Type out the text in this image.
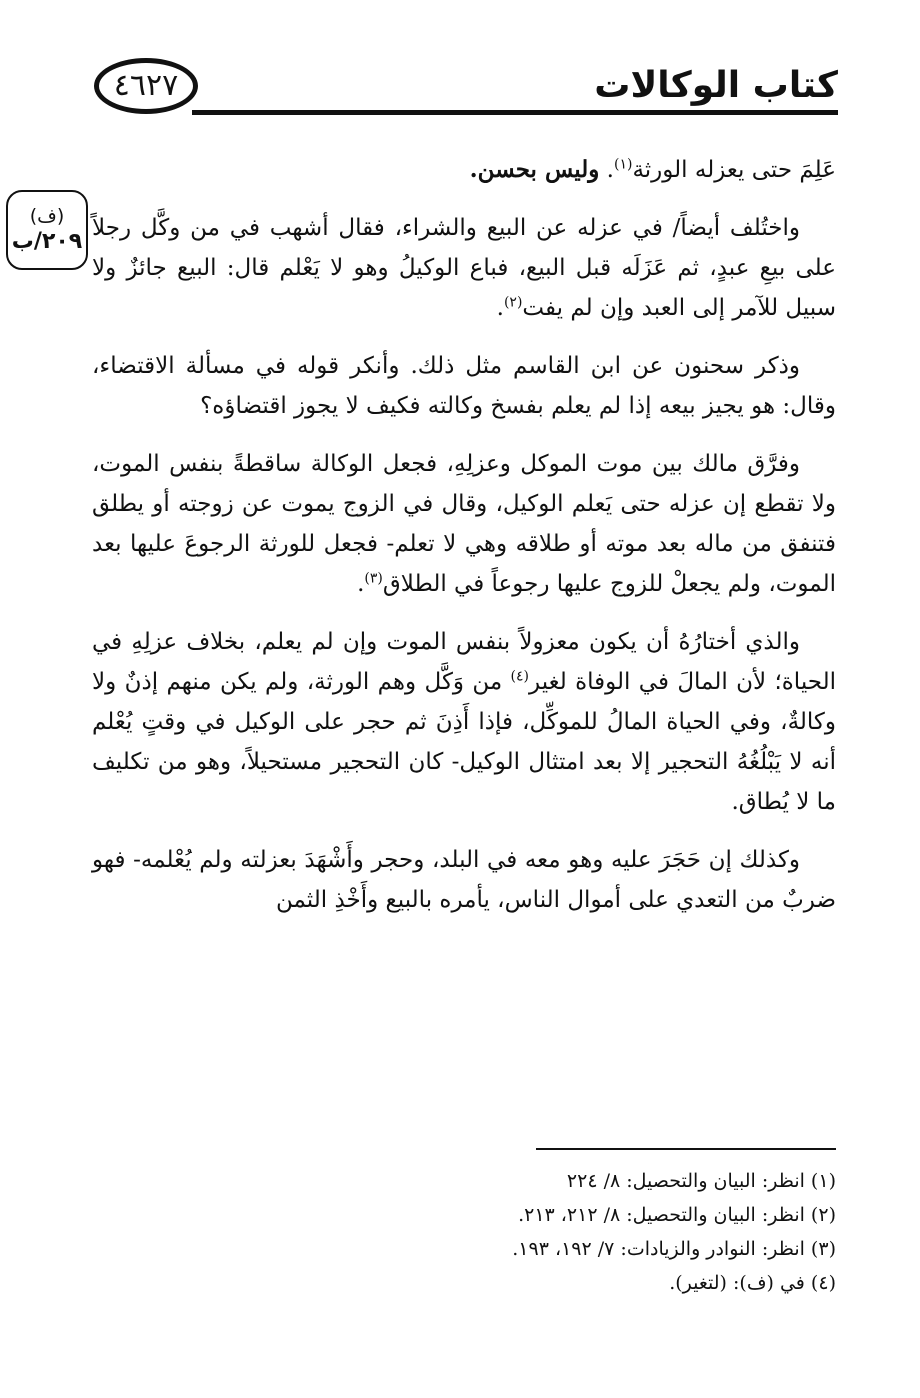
كتاب الوكالات
٤٦٢٧
(ف)
٢٠٩/ب

عَلِمَ حتى يعزله الورثة$^{(١)}$. وليس بحسن.

واختُلف أيضاً/ في عزله عن البيع والشراء، فقال أشهب في من وكَّل رجلاً على بيعِ عبدٍ، ثم عَزَلَه قبل البيع، فباع الوكيلُ وهو لا يَعْلم قال: البيع جائزٌ ولا سبيل للآمر إلى العبد وإن لم يفت$^{(٢)}$.

وذكر سحنون عن ابن القاسم مثل ذلك. وأنكر قوله في مسألة الاقتضاء، وقال: هو يجيز بيعه إذا لم يعلم بفسخ وكالته فكيف لا يجوز اقتضاؤه؟

وفرَّق مالك بين موت الموكل وعزلِهِ، فجعل الوكالة ساقطةً بنفس الموت، ولا تقطع إن عزله حتى يَعلم الوكيل، وقال في الزوج يموت عن زوجته أو يطلق فتنفق من ماله بعد موته أو طلاقه وهي لا تعلم- فجعل للورثة الرجوعَ عليها بعد الموت، ولم يجعلْ للزوج عليها رجوعاً في الطلاق$^{(٣)}$.

والذي أختارُهُ أن يكون معزولاً بنفس الموت وإن لم يعلم، بخلاف عزلِهِ في الحياة؛ لأن المالَ في الوفاة لغير$^{(٤)}$ من وَكَّل وهم الورثة، ولم يكن منهم إذنٌ ولا وكالةٌ، وفي الحياة المالُ للموكِّل، فإذا أَذِنَ ثم حجر على الوكيل في وقتٍ يُعْلم أنه لا يَبْلُغُهُ التحجير إلا بعد امتثال الوكيل- كان التحجير مستحيلاً، وهو من تكليف ما لا يُطاق.

وكذلك إن حَجَرَ عليه وهو معه في البلد، وحجر وأَشْهَدَ بعزلته ولم يُعْلمه- فهو ضربٌ من التعدي على أموال الناس، يأمره بالبيع وأَخْذِ الثمن

(١) انظر: البيان والتحصيل: ٨/ ٢٢٤
(٢) انظر: البيان والتحصيل: ٨/ ٢١٢، ٢١٣.
(٣) انظر: النوادر والزيادات: ٧/ ١٩٢، ١٩٣.
(٤) في (ف): (لتغير).
